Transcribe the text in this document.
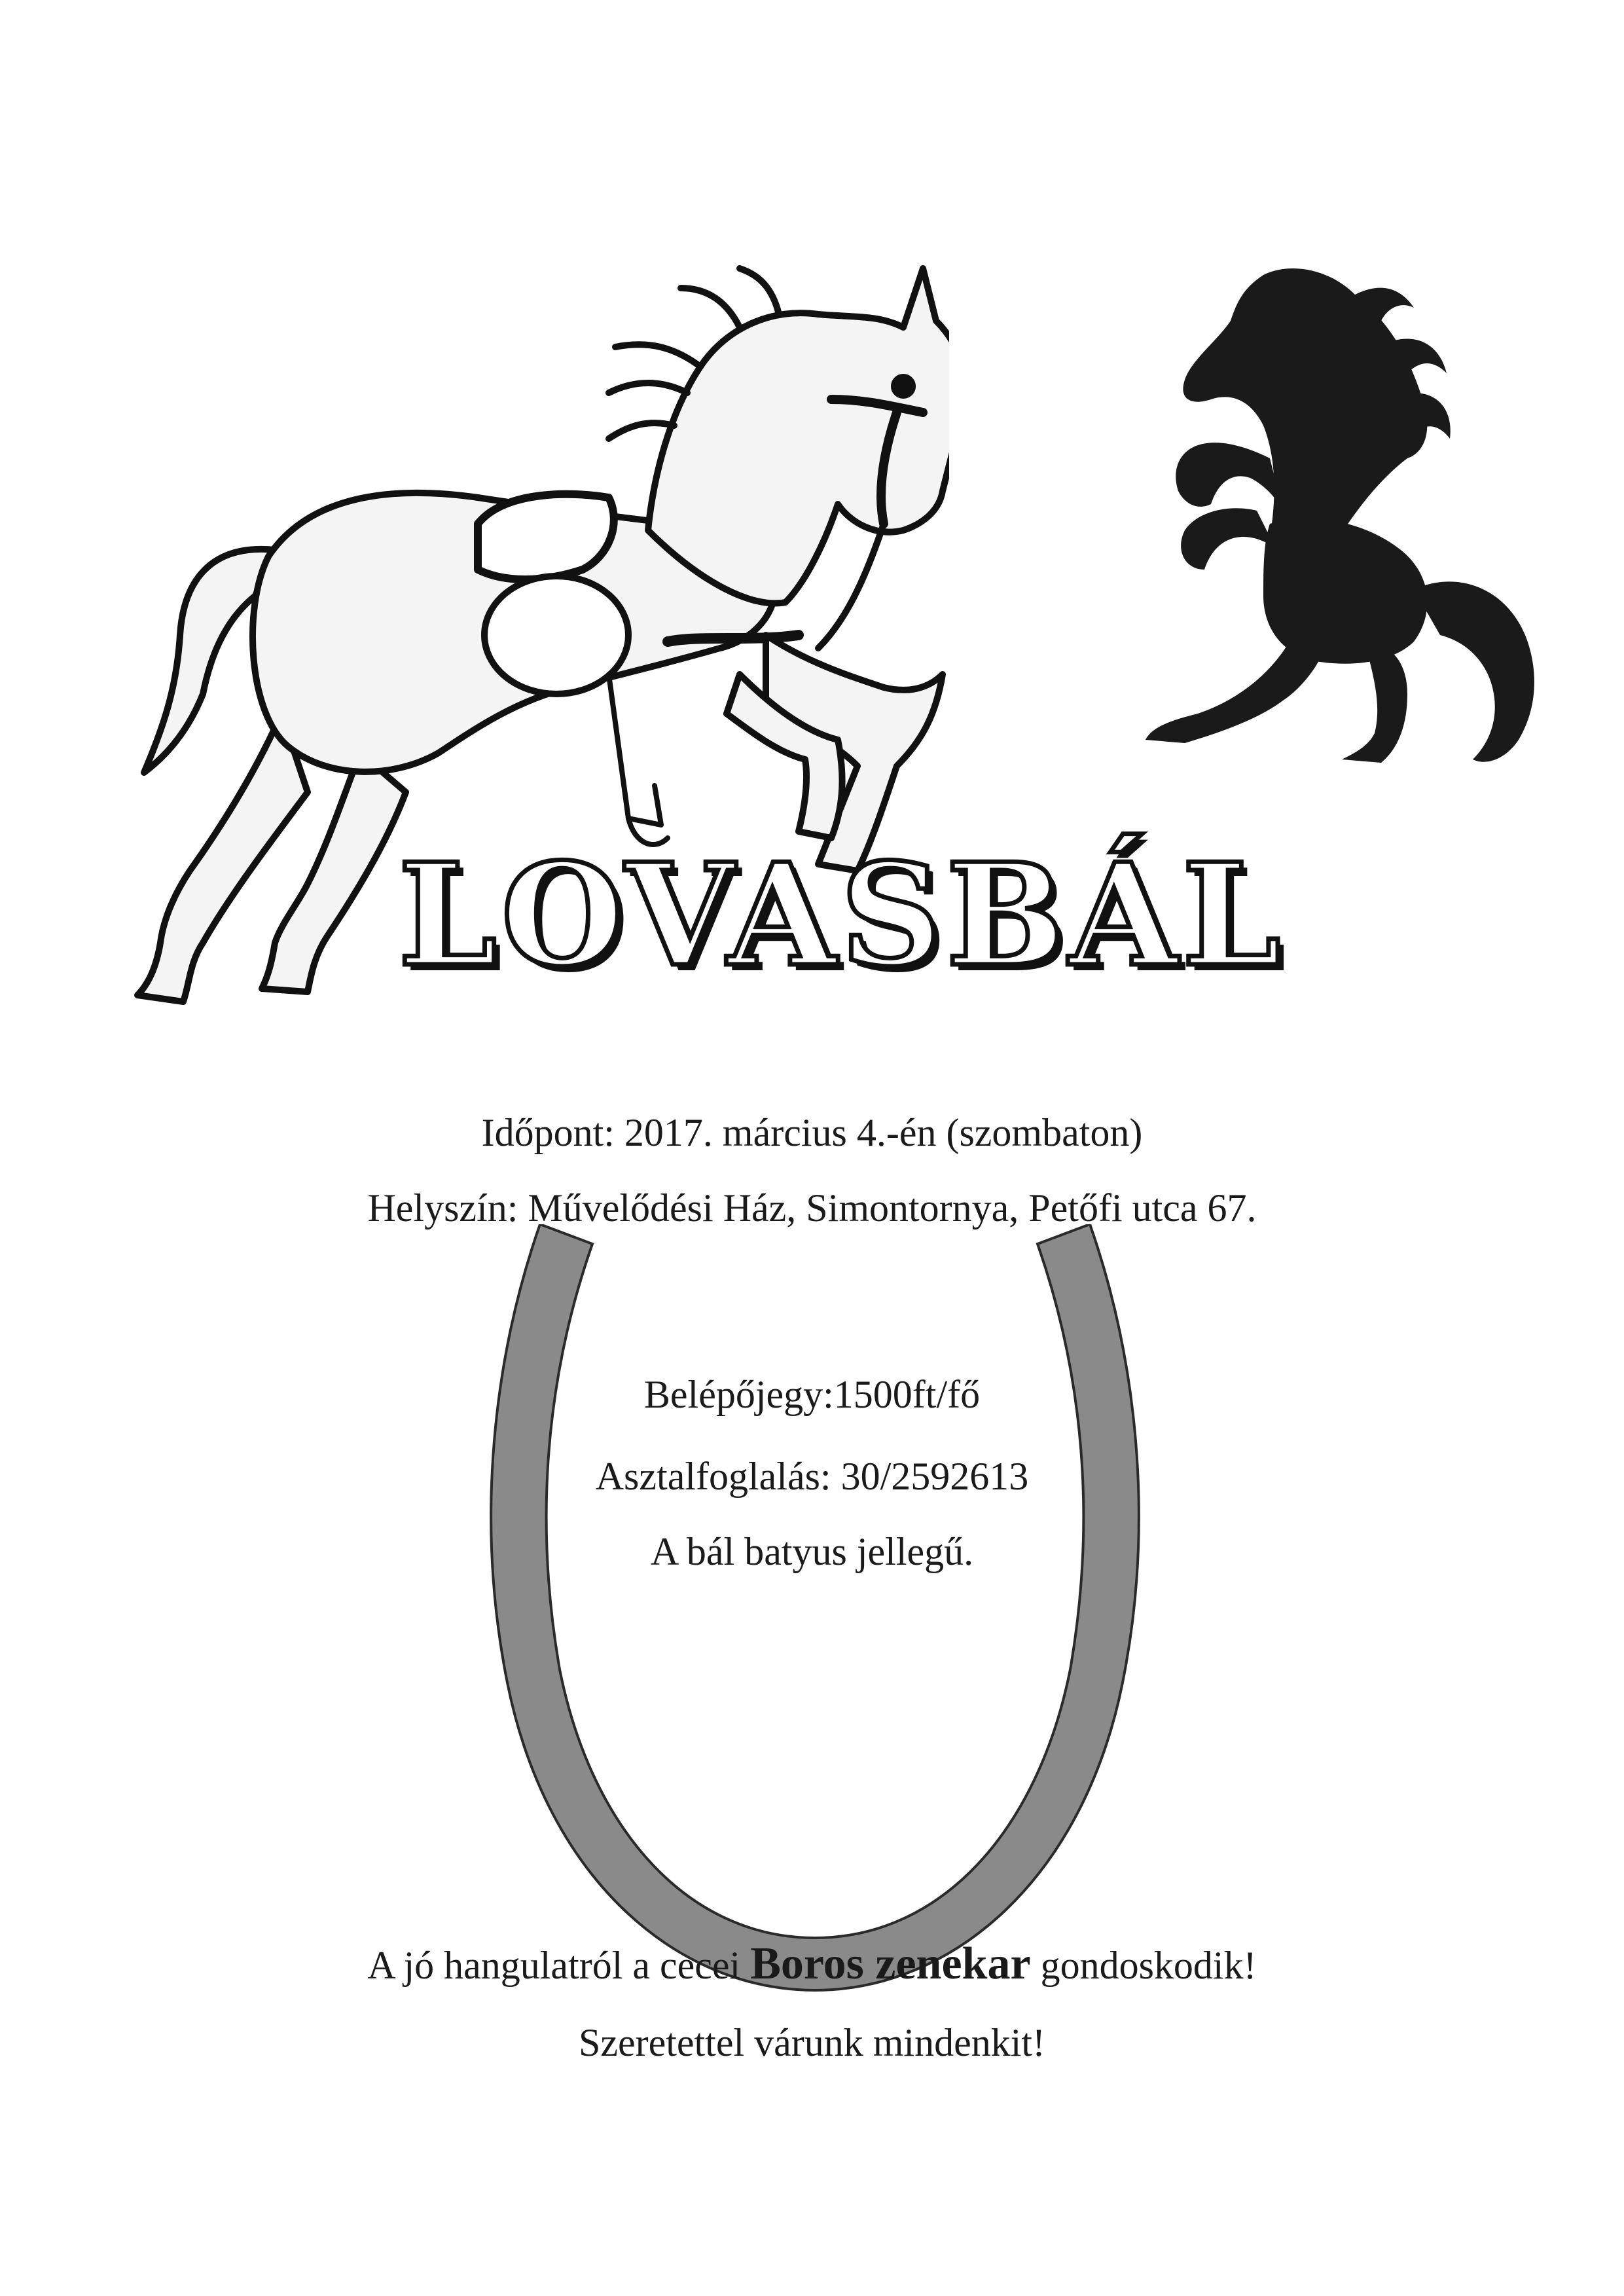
LOVASBÁL
Időpont: 2017. március 4.-én (szombaton)
Helyszín: Művelődési Ház, Simontornya, Petőfi utca 67.
Belépőjegy:1500ft/fő
Asztalfoglalás: 30/2592613
A bál batyus jellegű.
A jó hangulatról a cecei Boros zenekar gondoskodik!
Szeretettel várunk mindenkit!
